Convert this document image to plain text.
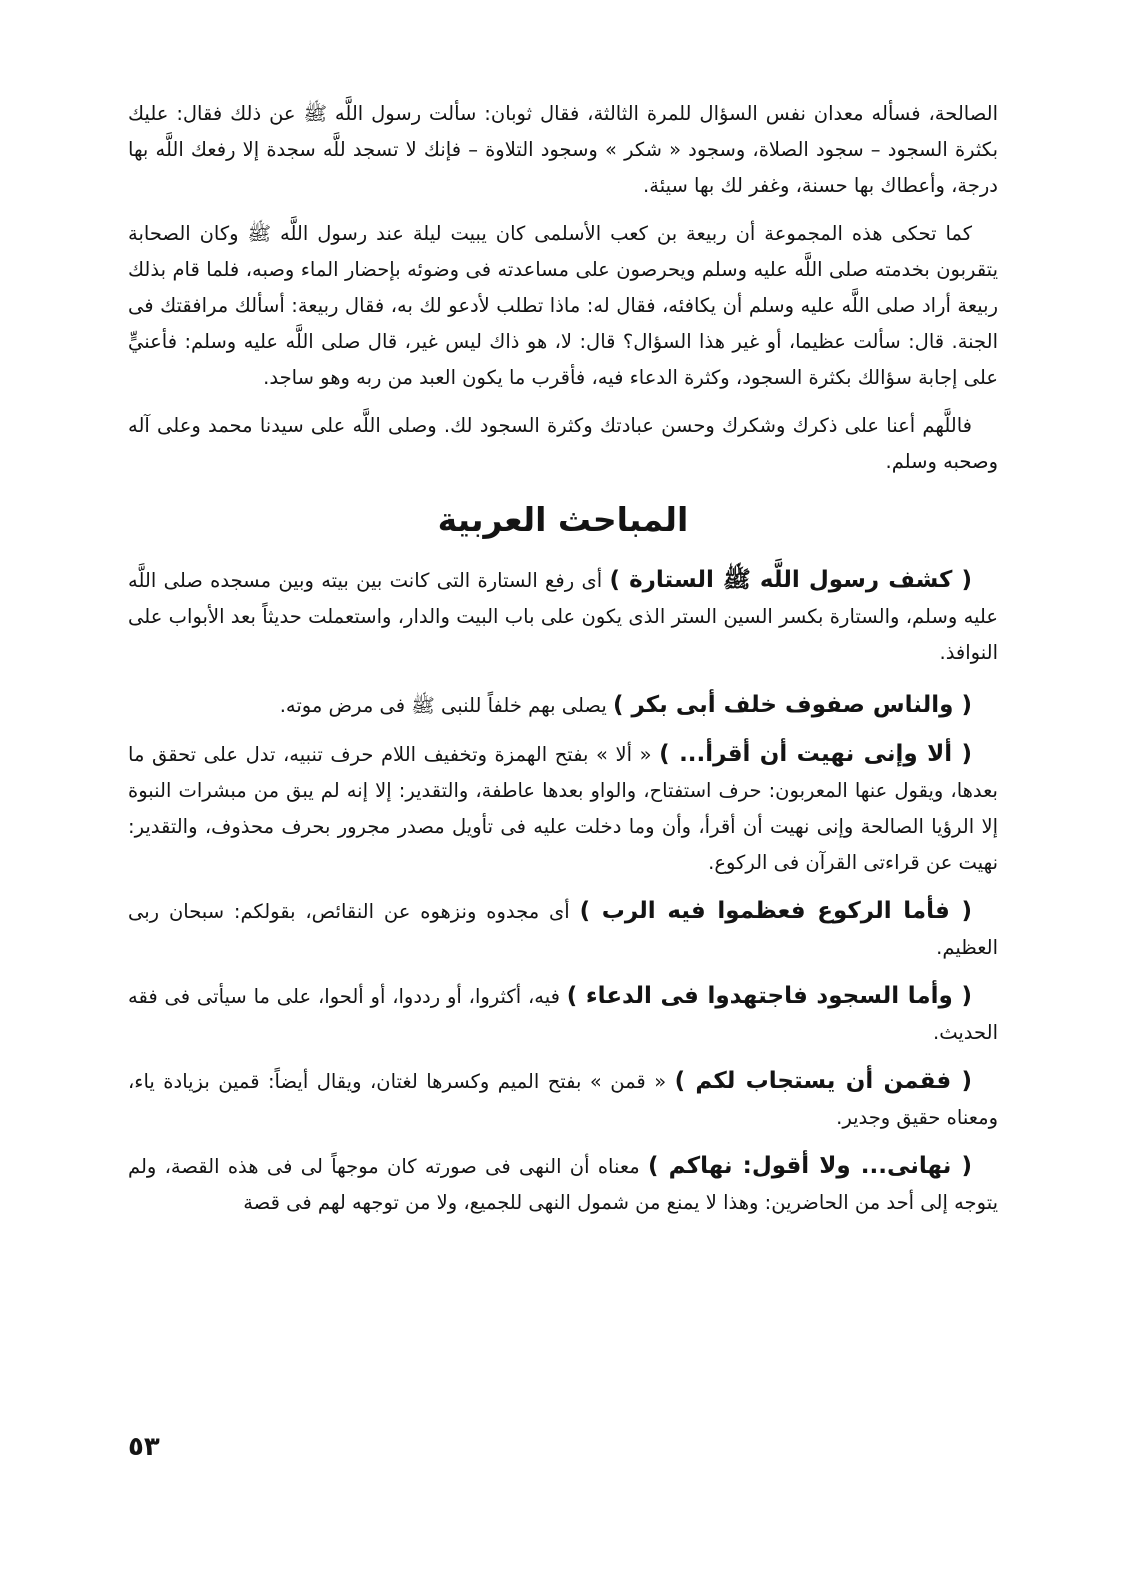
الصالحة، فسأله معدان نفس السؤال للمرة الثالثة، فقال ثوبان: سألت رسول اللَّه ﷺ عن ذلك فقال: عليك بكثرة السجود – سجود الصلاة، وسجود « شكر » وسجود التلاوة – فإنك لا تسجد للَّه سجدة إلا رفعك اللَّه بها درجة، وأعطاك بها حسنة، وغفر لك بها سيئة.

كما تحكى هذه المجموعة أن ربيعة بن كعب الأسلمى كان يبيت ليلة عند رسول اللَّه ﷺ وكان الصحابة يتقربون بخدمته صلى اللَّه عليه وسلم ويحرصون على مساعدته فى وضوئه بإحضار الماء وصبه، فلما قام بذلك ربيعة أراد صلى اللَّه عليه وسلم أن يكافئه، فقال له: ماذا تطلب لأدعو لك به، فقال ربيعة: أسألك مرافقتك فى الجنة. قال: سألت عظيما، أو غير هذا السؤال؟ قال: لا، هو ذاك ليس غير، قال صلى اللَّه عليه وسلم: فأعنيٍّ على إجابة سؤالك بكثرة السجود، وكثرة الدعاء فيه، فأقرب ما يكون العبد من ربه وهو ساجد.

فاللَّهم أعنا على ذكرك وشكرك وحسن عبادتك وكثرة السجود لك. وصلى اللَّه على سيدنا محمد وعلى آله وصحبه وسلم.

المباحث العربية

( كشف رسول اللَّه ﷺ الستارة ) أى رفع الستارة التى كانت بين بيته وبين مسجده صلى اللَّه عليه وسلم، والستارة بكسر السين الستر الذى يكون على باب البيت والدار، واستعملت حديثاً بعد الأبواب على النوافذ.

( والناس صفوف خلف أبى بكر ) يصلى بهم خلفاً للنبى ﷺ فى مرض موته.

( ألا وإنى نهيت أن أقرأ... ) « ألا » بفتح الهمزة وتخفيف اللام حرف تنبيه، تدل على تحقق ما بعدها، ويقول عنها المعربون: حرف استفتاح، والواو بعدها عاطفة، والتقدير: إلا إنه لم يبق من مبشرات النبوة إلا الرؤيا الصالحة وإنى نهيت أن أقرأ، وأن وما دخلت عليه فى تأويل مصدر مجرور بحرف محذوف، والتقدير: نهيت عن قراءتى القرآن فى الركوع.

( فأما الركوع فعظموا فيه الرب ) أى مجدوه ونزهوه عن النقائص، بقولكم: سبحان ربى العظيم.

( وأما السجود فاجتهدوا فى الدعاء ) فيه، أكثروا، أو رددوا، أو ألحوا، على ما سيأتى فى فقه الحديث.

( فقمن أن يستجاب لكم ) « قمن » بفتح الميم وكسرها لغتان، ويقال أيضاً: قمين بزيادة ياء، ومعناه حقيق وجدير.

( نهانى... ولا أقول: نهاكم ) معناه أن النهى فى صورته كان موجهاً لى فى هذه القصة، ولم يتوجه إلى أحد من الحاضرين: وهذا لا يمنع من شمول النهى للجميع، ولا من توجهه لهم فى قصة

٥٣
